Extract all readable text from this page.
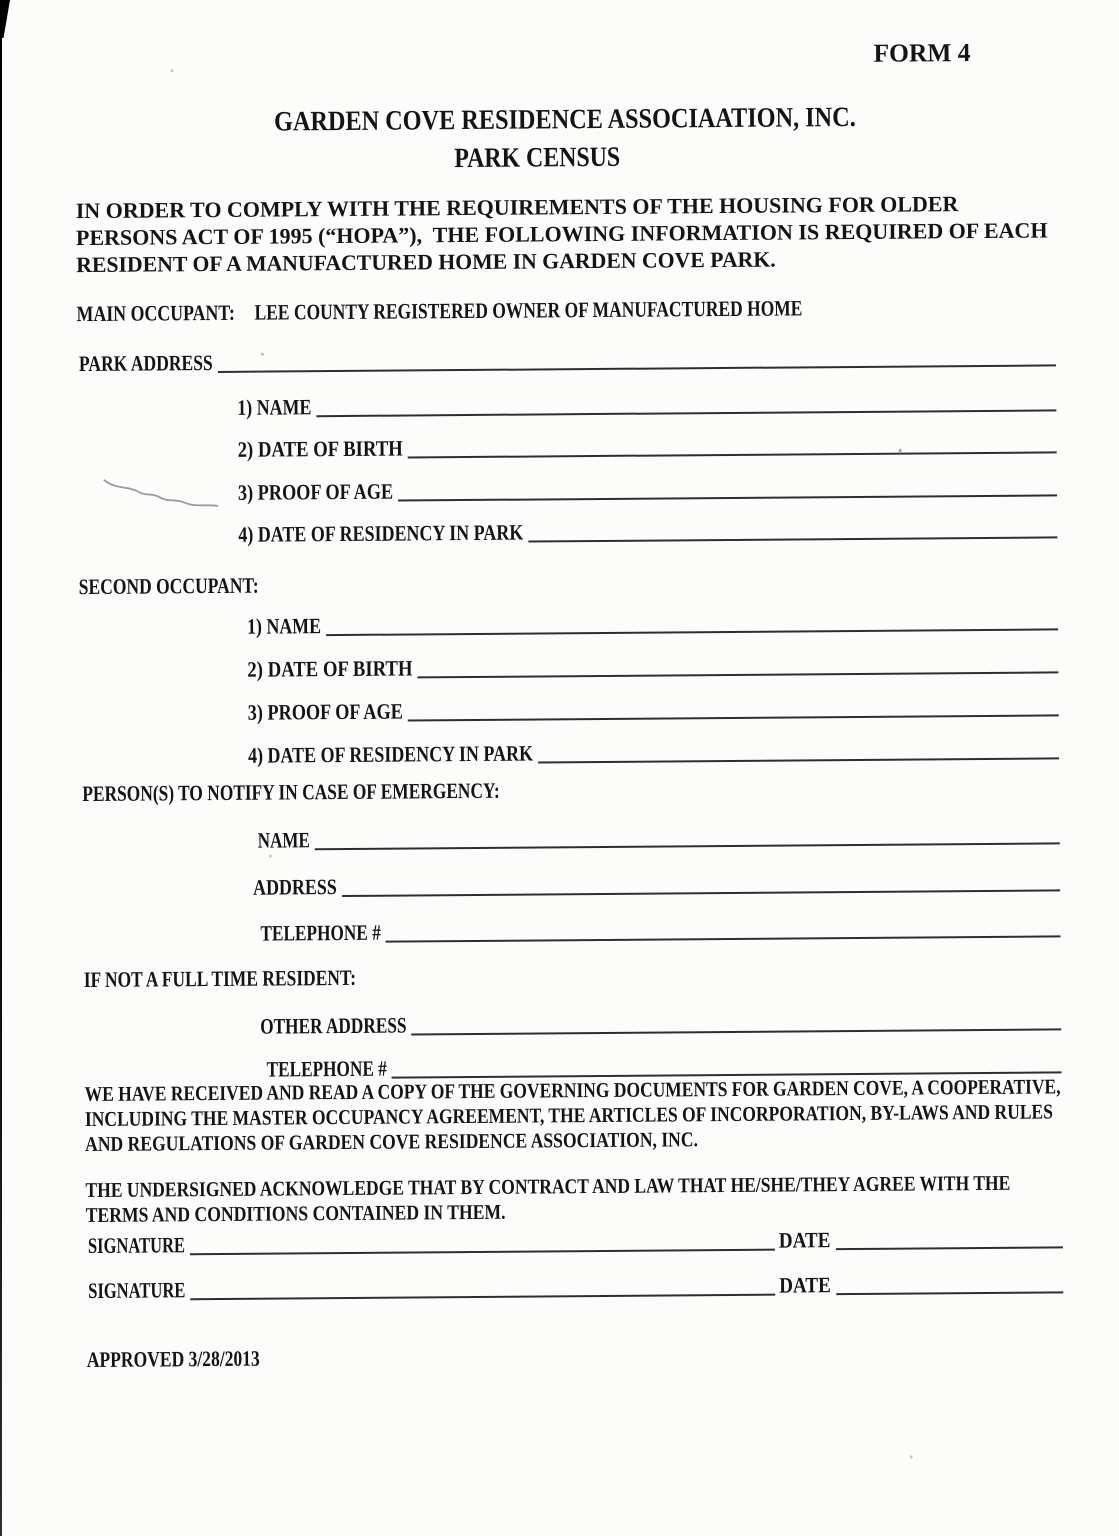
FORM 4
GARDEN COVE RESIDENCE ASSOCIAATION, INC.
PARK CENSUS
IN ORDER TO COMPLY WITH THE REQUIREMENTS OF THE HOUSING FOR OLDER
PERSONS ACT OF 1995 (“HOPA”),  THE FOLLOWING INFORMATION IS REQUIRED OF EACH
RESIDENT OF A MANUFACTURED HOME IN GARDEN COVE PARK.
MAIN OCCUPANT: LEE COUNTY REGISTERED OWNER OF MANUFACTURED HOME
PARK ADDRESS
1) NAME
2) DATE OF BIRTH
3) PROOF OF AGE
4) DATE OF RESIDENCY IN PARK
SECOND OCCUPANT:
1) NAME
2) DATE OF BIRTH
3) PROOF OF AGE
4) DATE OF RESIDENCY IN PARK
PERSON(S) TO NOTIFY IN CASE OF EMERGENCY:
NAME
ADDRESS
TELEPHONE #
IF NOT A FULL TIME RESIDENT:
OTHER ADDRESS
TELEPHONE #
WE HAVE RECEIVED AND READ A COPY OF THE GOVERNING DOCUMENTS FOR GARDEN COVE, A COOPERATIVE,
INCLUDING THE MASTER OCCUPANCY AGREEMENT, THE ARTICLES OF INCORPORATION, BY-LAWS AND RULES
AND REGULATIONS OF GARDEN COVE RESIDENCE ASSOCIATION, INC.
THE UNDERSIGNED ACKNOWLEDGE THAT BY CONTRACT AND LAW THAT HE/SHE/THEY AGREE WITH THE
TERMS AND CONDITIONS CONTAINED IN THEM.
SIGNATURE	DATE
SIGNATURE	DATE
APPROVED 3/28/2013
